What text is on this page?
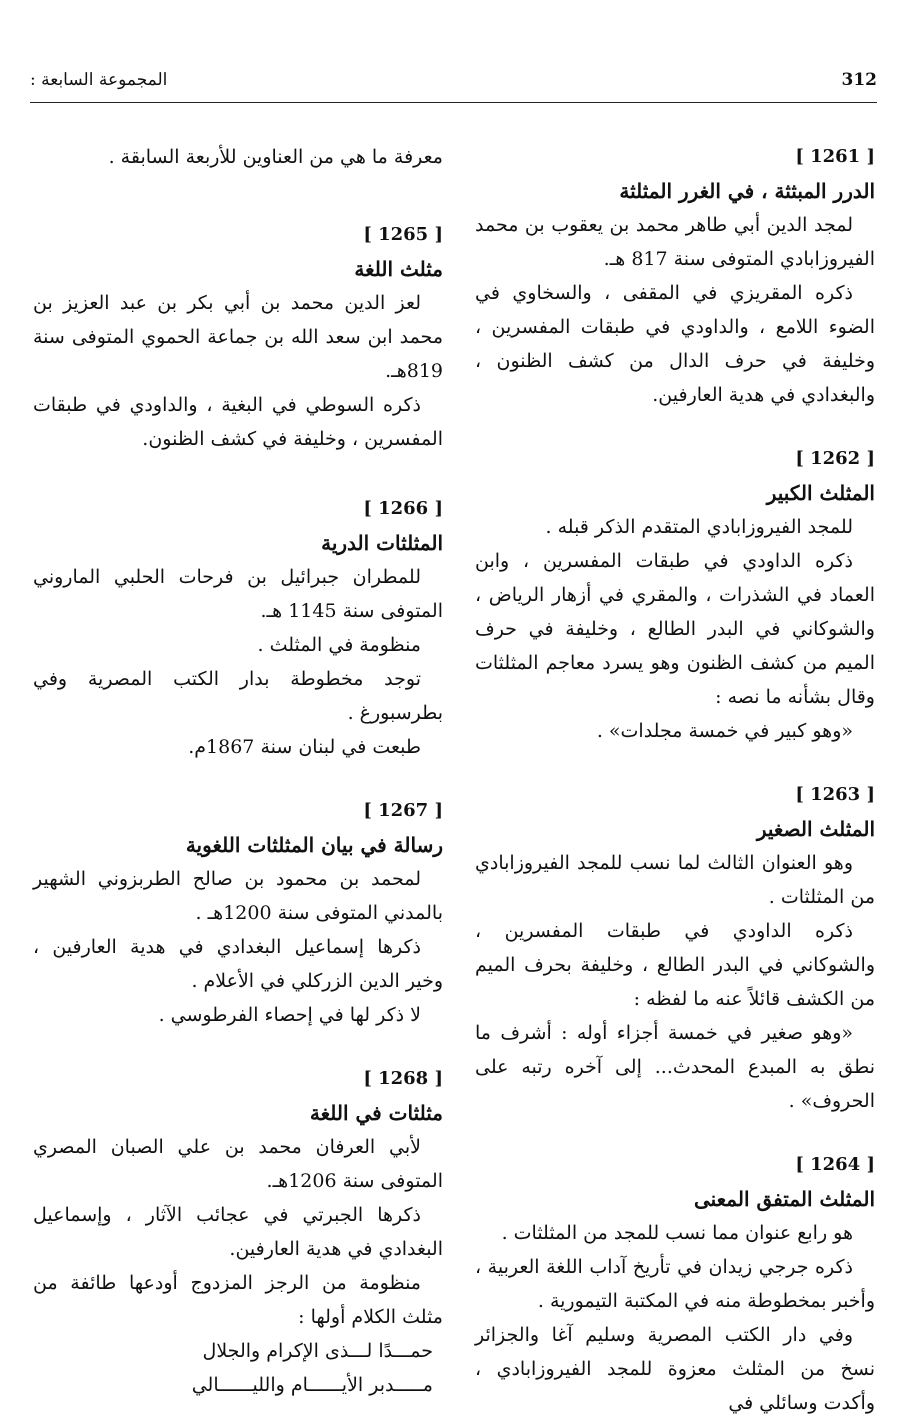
312
المجموعة السابعة :
[ 1261 ]
الدرر المبثثة ، في الغرر المثلثة

لمجد الدين أبي طاهر محمد بن يعقوب بن محمد الفيروزابادي المتوفى سنة 817 هـ.

ذكره المقريزي في المقفى ، والسخاوي في الضوء اللامع ، والداودي في طبقات المفسرين ، وخليفة في حرف الدال من كشف الظنون ، والبغدادي في هدية العارفين.

[ 1262 ]
المثلث الكبير

للمجد الفيروزابادي المتقدم الذكر قبله .

ذكره الداودي في طبقات المفسرين ، وابن العماد في الشذرات ، والمقري في أزهار الرياض ، والشوكاني في البدر الطالع ، وخليفة في حرف الميم من كشف الظنون وهو يسرد معاجم المثلثات وقال بشأنه ما نصه :

«وهو كبير في خمسة مجلدات» .

[ 1263 ]
المثلث الصغير

وهو العنوان الثالث لما نسب للمجد الفيروزابادي من المثلثات .

ذكره الداودي في طبقات المفسرين ، والشوكاني في البدر الطالع ، وخليفة بحرف الميم من الكشف قائلاً عنه ما لفظه :

«وهو صغير في خمسة أجزاء أوله : أشرف ما نطق به المبدع المحدث... إلى آخره رتبه على الحروف» .

[ 1264 ]
المثلث المتفق المعنى

هو رابع عنوان مما نسب للمجد من المثلثات .

ذكره جرجي زيدان في تأريخ آداب اللغة العربية ، وأخبر بمخطوطة منه في المكتبة التيمورية .

وفي دار الكتب المصرية وسليم آغا والجزائر نسخ من المثلث معزوة للمجد الفيروزابادي ، وأكدت وسائلي في

معرفة ما هي من العناوين للأربعة السابقة .

[ 1265 ]
مثلث اللغة

لعز الدين محمد بن أبي بكر بن عبد العزيز بن محمد ابن سعد الله بن جماعة الحموي المتوفى سنة 819هـ.

ذكره السوطي في البغية ، والداودي في طبقات المفسرين ، وخليفة في كشف الظنون.

[ 1266 ]
المثلثات الدرية

للمطران جبرائيل بن فرحات الحلبي الماروني المتوفى سنة 1145 هـ.

منظومة في المثلث .

توجد مخطوطة بدار الكتب المصرية وفي بطرسبورغ .

طبعت في لبنان سنة 1867م.

[ 1267 ]
رسالة في بيان المثلثات اللغوية

لمحمد بن محمود بن صالح الطربزوني الشهير بالمدني المتوفى سنة 1200هـ .

ذكرها إسماعيل البغدادي في هدية العارفين ، وخير الدين الزركلي في الأعلام .

لا ذكر لها في إحصاء الفرطوسي .

[ 1268 ]
مثلثات في اللغة

لأبي العرفان محمد بن علي الصبان المصري المتوفى سنة 1206هـ.

ذكرها الجبرتي في عجائب الآثار ، وإسماعيل البغدادي في هدية العارفين.

منظومة من الرجز المزدوج أودعها طائفة من مثلث الكلام أولها :

حمـــدًا لـــذى الإكرام والجلال
مـــــدبر الأيــــــام والليــــــالي
